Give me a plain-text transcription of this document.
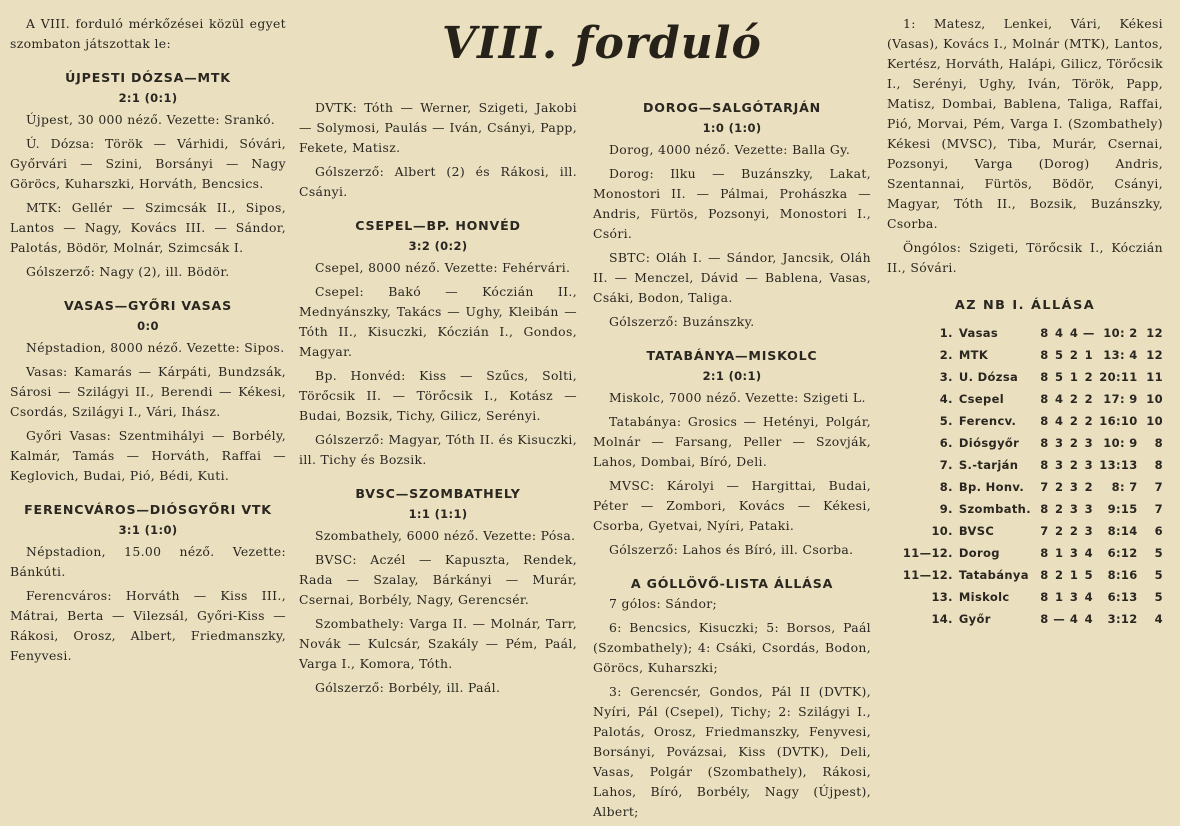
VIII. forduló

A VIII. forduló mérkőzései közül egyet szombaton játszottak le:

ÚJPESTI DÓZSA—MTK
2:1 (0:1)

Újpest, 30 000 néző. Vezette: Srankó.

Ú. Dózsa: Török — Várhidi, Sóvári, Győrvári — Szini, Borsányi — Nagy Göröcs, Kuharszki, Horváth, Bencsics.

MTK: Gellér — Szimcsák II., Sipos, Lantos — Nagy, Kovács III. — Sándor, Palotás, Bödör, Molnár, Szimcsák I.

Gólszerző: Nagy (2), ill. Bödör.

VASAS—GYŐRI VASAS
0:0

Népstadion, 8000 néző. Vezette: Sipos.

Vasas: Kamarás — Kárpáti, Bundzsák, Sárosi — Szilágyi II., Berendi — Kékesi, Csordás, Szilágyi I., Vári, Ihász.

Győri Vasas: Szentmihályi — Borbély, Kalmár, Tamás — Horváth, Raffai — Keglovich, Budai, Pió, Bédi, Kuti.

FERENCVÁROS—DIÓSGYŐRI VTK
3:1 (1:0)

Népstadion, 15.00 néző. Vezette: Bánkúti.

Ferencváros: Horváth — Kiss III., Mátrai, Berta — Vilezsál, Győri-Kiss — Rákosi, Orosz, Albert, Friedmanszky, Fenyvesi.

DVTK: Tóth — Werner, Szigeti, Jakobi — Solymosi, Paulás — Iván, Csányi, Papp, Fekete, Matisz.

Gólszerző: Albert (2) és Rákosi, ill. Csányi.

CSEPEL—BP. HONVÉD
3:2 (0:2)

Csepel, 8000 néző. Vezette: Fehérvári.

Csepel: Bakó — Kóczián II., Mednyánszky, Takács — Ughy, Kleibán — Tóth II., Kisuczki, Kóczián I., Gondos, Magyar.

Bp. Honvéd: Kiss — Szűcs, Solti, Törőcsik II. — Törőcsik I., Kotász — Budai, Bozsik, Tichy, Gilicz, Serényi.

Gólszerző: Magyar, Tóth II. és Kisuczki, ill. Tichy és Bozsik.

BVSC—SZOMBATHELY
1:1 (1:1)

Szombathely, 6000 néző. Vezette: Pósa.

BVSC: Aczél — Kapuszta, Rendek, Rada — Szalay, Bárkányi — Murár, Csernai, Borbély, Nagy, Gerencsér.

Szombathely: Varga II. — Molnár, Tarr, Novák — Kulcsár, Szakály — Pém, Paál, Varga I., Komora, Tóth.

Gólszerző: Borbély, ill. Paál.

DOROG—SALGÓTARJÁN
1:0 (1:0)

Dorog, 4000 néző. Vezette: Balla Gy.

Dorog: Ilku — Buzánszky, Lakat, Monostori II. — Pálmai, Prohászka — Andris, Fürtös, Pozsonyi, Monostori I., Csóri.

SBTC: Oláh I. — Sándor, Jancsik, Oláh II. — Menczel, Dávid — Bablena, Vasas, Csáki, Bodon, Taliga.

Gólszerző: Buzánszky.

TATABÁNYA—MISKOLC
2:1 (0:1)

Miskolc, 7000 néző. Vezette: Szigeti L.

Tatabánya: Grosics — Hetényi, Polgár, Molnár — Farsang, Peller — Szovják, Lahos, Dombai, Bíró, Deli.

MVSC: Károlyi — Hargittai, Budai, Péter — Zombori, Kovács — Kékesi, Csorba, Gyetvai, Nyíri, Pataki.

Gólszerző: Lahos és Bíró, ill. Csorba.

A GÓLLÖVŐ-LISTA ÁLLÁSA

7 gólos: Sándor;

6: Bencsics, Kisuczki; 5: Borsos, Paál (Szombathely); 4: Csáki, Csordás, Bodon, Göröcs, Kuharszki;

3: Gerencsér, Gondos, Pál II (DVTK), Nyíri, Pál (Csepel), Tichy; 2: Szilágyi I., Palotás, Orosz, Friedmanszky, Fenyvesi, Borsányi, Povázsai, Kiss (DVTK), Deli, Vasas, Polgár (Szombathely), Rákosi, Lahos, Bíró, Borbély, Nagy (Újpest), Albert;

1: Matesz, Lenkei, Vári, Kékesi (Vasas), Kovács I., Molnár (MTK), Lantos, Kertész, Horváth, Halápi, Gilicz, Törőcsik I., Serényi, Ughy, Iván, Török, Papp, Matisz, Dombai, Bablena, Taliga, Raffai, Pió, Morvai, Pém, Varga I. (Szombathely) Kékesi (MVSC), Tiba, Murár, Csernai, Pozsonyi, Varga (Dorog) Andris, Szentannai, Fürtös, Bödör, Csányi, Magyar, Tóth II., Bozsik, Buzánszky, Csorba.

Öngólos: Szigeti, Törőcsik I., Kóczián II., Sóvári.

AZ NB I. ÁLLÁSA
1.	Vasas	8	4	4	—	10: 2	12
2.	MTK	8	5	2	1	13: 4	12
3.	U. Dózsa	8	5	1	2	20:11	11
4.	Csepel	8	4	2	2	17: 9	10
5.	Ferencv.	8	4	2	2	16:10	10
6.	Diósgyőr	8	3	2	3	10: 9	8
7.	S.-tarján	8	3	2	3	13:13	8
8.	Bp. Honv.	7	2	3	2	8: 7	7
9.	Szombath.	8	2	3	3	9:15	7
10.	BVSC	7	2	2	3	8:14	6
11—12.	Dorog	8	1	3	4	6:12	5
11—12.	Tatabánya	8	2	1	5	8:16	5
13.	Miskolc	8	1	3	4	6:13	5
14.	Győr	8	—	4	4	3:12	4
